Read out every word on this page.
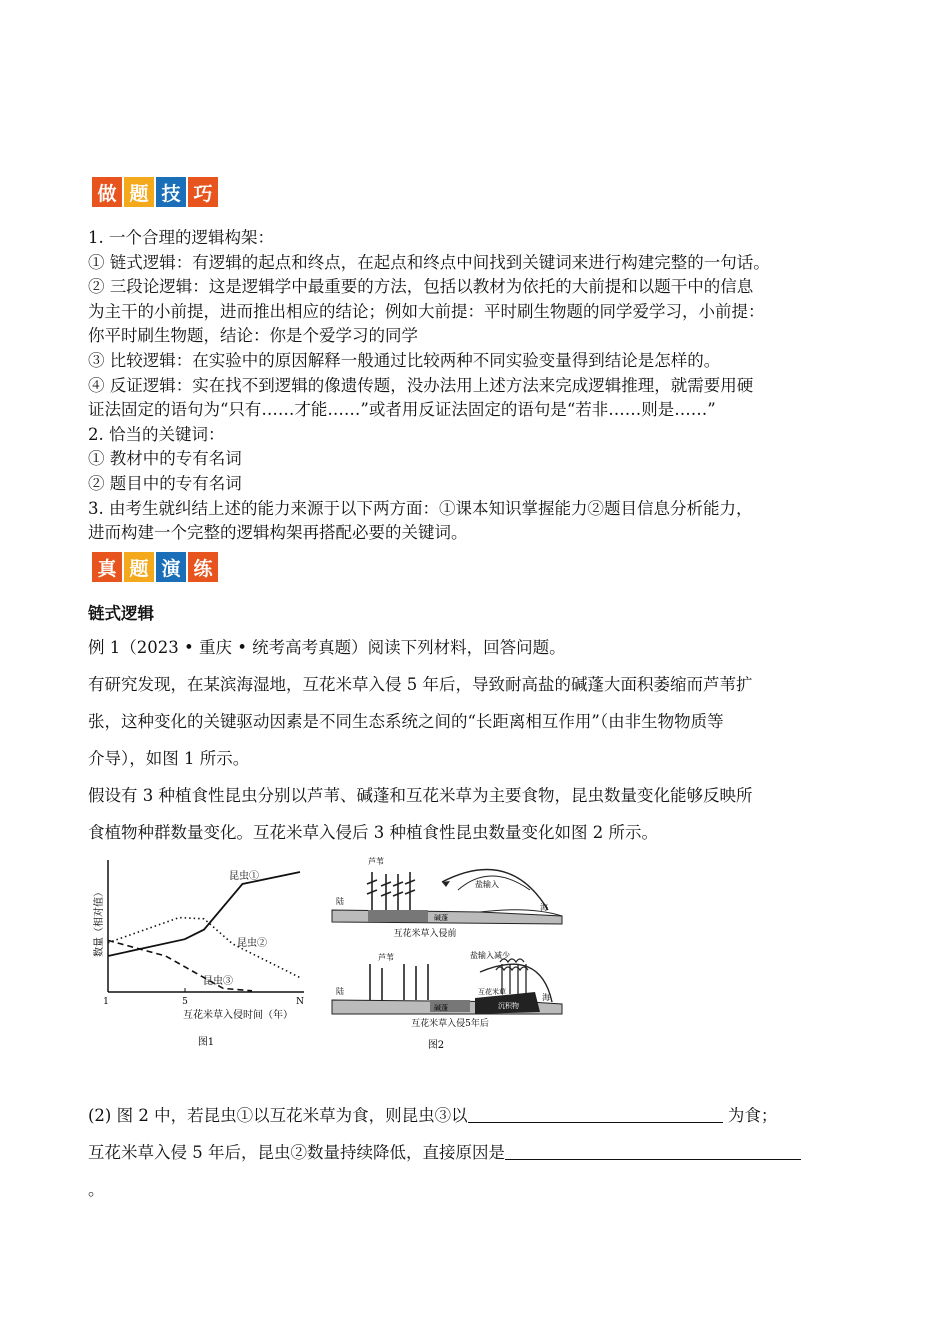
做 题 技 巧

1. 一个合理的逻辑构架：

① 链式逻辑：有逻辑的起点和终点，在起点和终点中间找到关键词来进行构建完整的一句话。

② 三段论逻辑：这是逻辑学中最重要的方法，包括以教材为依托的大前提和以题干中的信息

为主干的小前提，进而推出相应的结论；例如大前提：平时刷生物题的同学爱学习，小前提：

你平时刷生物题，结论：你是个爱学习的同学

③ 比较逻辑：在实验中的原因解释一般通过比较两种不同实验变量得到结论是怎样的。

④ 反证逻辑：实在找不到逻辑的像遗传题，没办法用上述方法来完成逻辑推理，就需要用硬

证法固定的语句为“只有……才能……”或者用反证法固定的语句是“若非……则是……”

2. 恰当的关键词：

① 教材中的专有名词

② 题目中的专有名词

3. 由考生就纠结上述的能力来源于以下两方面：①课本知识掌握能力②题目信息分析能力，

进而构建一个完整的逻辑构架再搭配必要的关键词。

真 题 演 练
链式逻辑

例 1（2023 • 重庆 • 统考高考真题）阅读下列材料，回答问题。

有研究发现，在某滨海湿地，互花米草入侵 5 年后，导致耐高盐的碱蓬大面积萎缩而芦苇扩

张，这种变化的关键驱动因素是不同生态系统之间的“长距离相互作用”（由非生物物质等

介导），如图 1 所示。

假设有 3 种植食性昆虫分别以芦苇、碱蓬和互花米草为主要食物，昆虫数量变化能够反映所

食植物种群数量变化。互花米草入侵后 3 种植食性昆虫数量变化如图 2 所示。

数量（相对值）
1	5	N
昆虫①
昆虫②
昆虫③
互花米草入侵时间（年）
图1
芦苇
盐输入
陆
碱蓬
海
互花米草入侵前
芦苇	盐输入减少
陆
碱蓬
互花米草
沉积物
海
互花米草入侵5年后
图2

(2) 图 2 中，若昆虫①以互花米草为食，则昆虫③以	为食；

互花米草入侵 5 年后，昆虫②数量持续降低，直接原因是

。
